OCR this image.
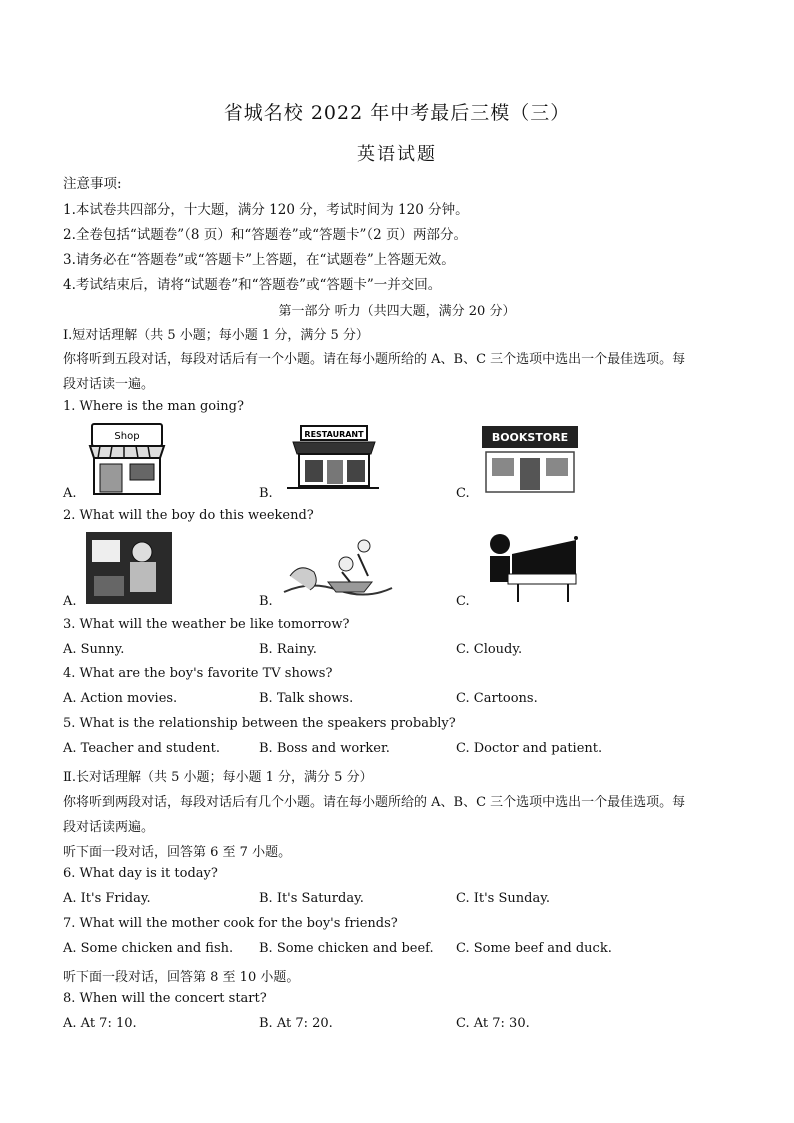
省城名校 2022 年中考最后三模（三）
英语试题
注意事项:
1.本试卷共四部分，十大题，满分 120 分，考试时间为 120 分钟。
2.全卷包括“试题卷”（8 页）和“答题卷”或“答题卡”（2 页）两部分。
3.请务必在“答题卷”或“答题卡”上答题，在“试题卷”上答题无效。
4.考试结束后，请将“试题卷”和“答题卷”或“答题卡”一并交回。
第一部分 听力（共四大题，满分 20 分）
Ⅰ.短对话理解（共 5 小题；每小题 1 分，满分 5 分）
你将听到五段对话，每段对话后有一个小题。请在每小题所给的 A、B、C 三个选项中选出一个最佳选项。每
段对话读一遍。
1. Where is the man going?
Shop
A.
RESTAURANT
B.
BOOKSTORE
C.
2. What will the boy do this weekend?
A.	B.	C.
3. What will the weather be like tomorrow?
A. Sunny.	B. Rainy.	C. Cloudy.
4. What are the boy's favorite TV shows?
A. Action movies.	B. Talk shows.	C. Cartoons.
5. What is the relationship between the speakers probably?
A. Teacher and student.	B. Boss and worker.	C. Doctor and patient.
Ⅱ.长对话理解（共 5 小题；每小题 1 分，满分 5 分）
你将听到两段对话，每段对话后有几个小题。请在每小题所给的 A、B、C 三个选项中选出一个最佳选项。每
段对话读两遍。
听下面一段对话，回答第 6 至 7 小题。
6. What day is it today?
A. It's Friday.	B. It's Saturday.	C. It's Sunday.
7. What will the mother cook for the boy's friends?
A. Some chicken and fish. B. Some chicken and beef. C. Some beef and duck.
听下面一段对话，回答第 8 至 10 小题。
8. When will the concert start?
A. At 7: 10.	B. At 7: 20.	C. At 7: 30.
